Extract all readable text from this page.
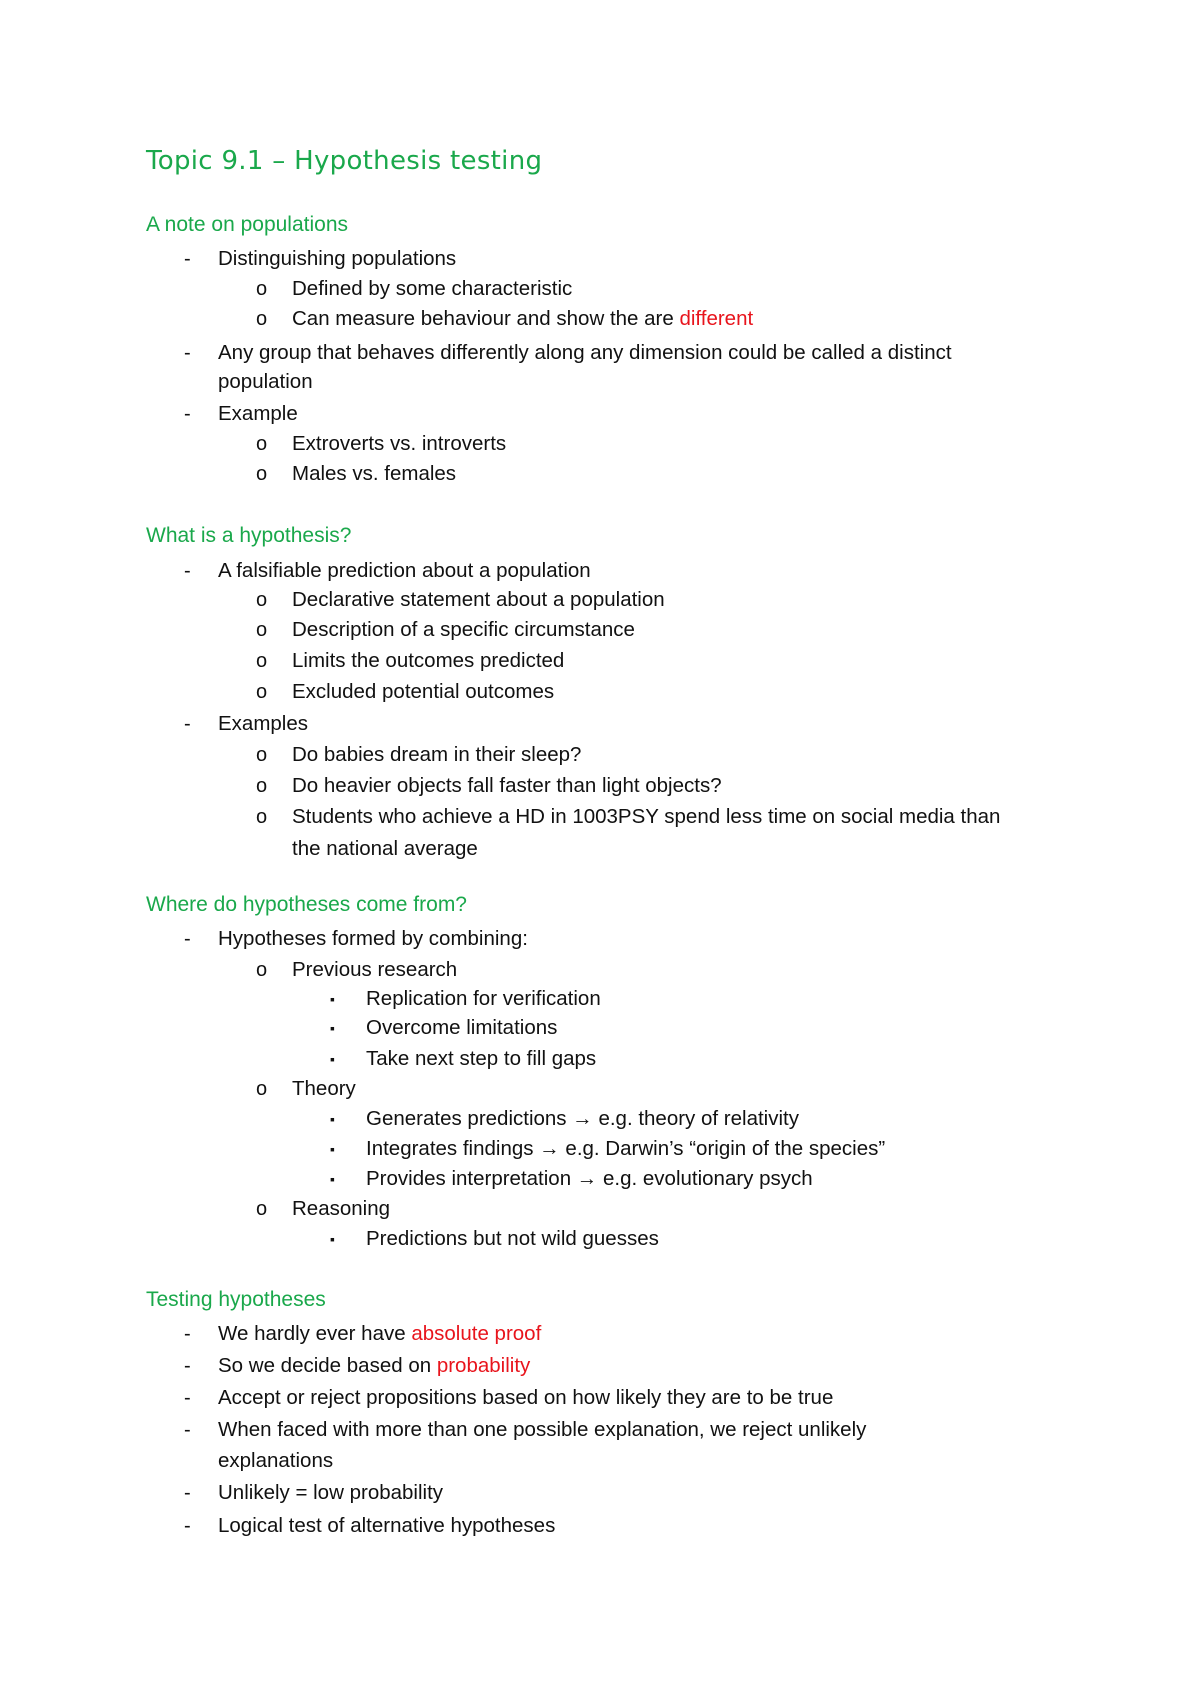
Topic 9.1 – Hypothesis testing
A note on populations
- Distinguishing populations
o Defined by some characteristic
o Can measure behaviour and show the are different
- Any group that behaves differently along any dimension could be called a distinct
population
- Example
o Extroverts vs. introverts
o Males vs. females
What is a hypothesis?
- A falsifiable prediction about a population
o Declarative statement about a population
o Description of a specific circumstance
o Limits the outcomes predicted
o Excluded potential outcomes
- Examples
o Do babies dream in their sleep?
o Do heavier objects fall faster than light objects?
o Students who achieve a HD in 1003PSY spend less time on social media than
the national average
Where do hypotheses come from?
- Hypotheses formed by combining:
o Previous research
▪ Replication for verification
▪ Overcome limitations
▪ Take next step to fill gaps
o Theory
▪ Generates predictions → e.g. theory of relativity
▪ Integrates findings → e.g. Darwin’s “origin of the species”
▪ Provides interpretation → e.g. evolutionary psych
o Reasoning
▪ Predictions but not wild guesses
Testing hypotheses
- We hardly ever have absolute proof
- So we decide based on probability
- Accept or reject propositions based on how likely they are to be true
- When faced with more than one possible explanation, we reject unlikely
explanations
- Unlikely = low probability
- Logical test of alternative hypotheses
